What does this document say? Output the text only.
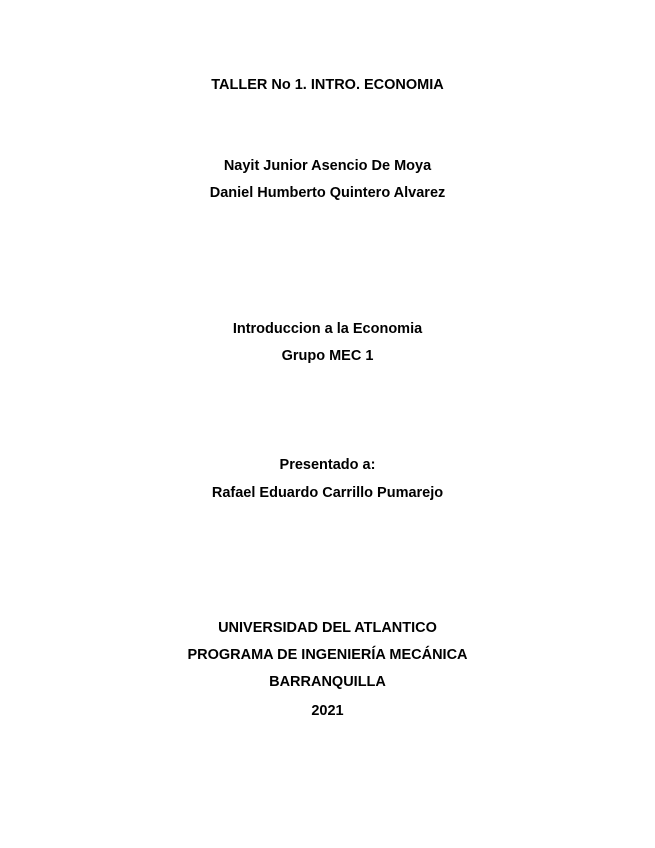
TALLER No 1. INTRO. ECONOMIA
Nayit Junior Asencio De Moya
Daniel Humberto Quintero Alvarez
Introduccion a la Economia
Grupo MEC 1
Presentado a:
Rafael Eduardo Carrillo Pumarejo
UNIVERSIDAD DEL ATLANTICO
PROGRAMA DE INGENIERÍA MECÁNICA
BARRANQUILLA
2021
